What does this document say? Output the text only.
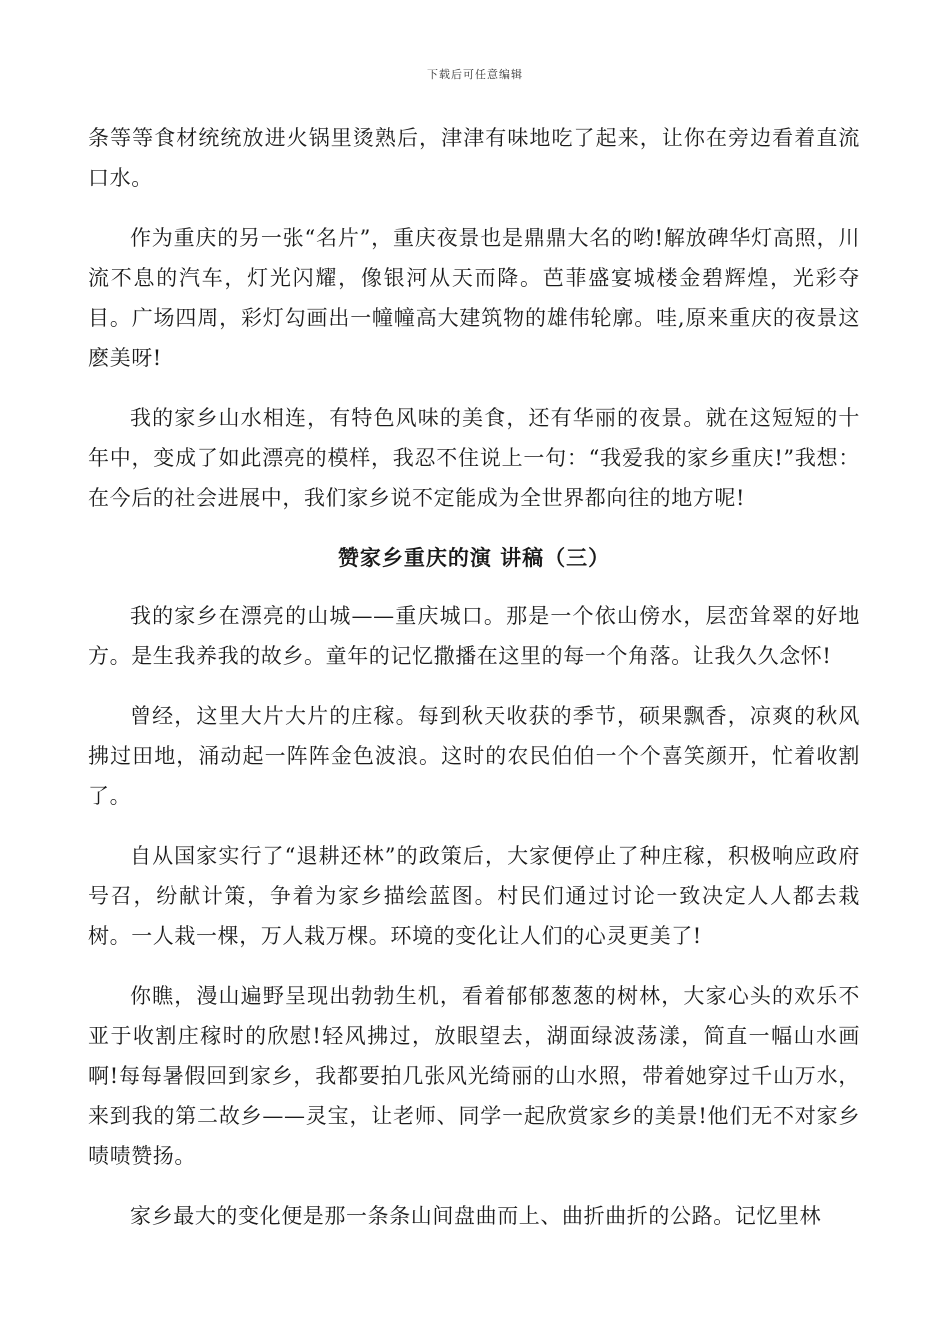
下载后可任意编辑

条等等食材统统放进火锅里烫熟后，津津有味地吃了起来，让你在旁边看着直流口水。

作为重庆的另一张“名片”，重庆夜景也是鼎鼎大名的哟!解放碑华灯高照，川流不息的汽车，灯光闪耀，像银河从天而降。芭菲盛宴城楼金碧辉煌，光彩夺目。广场四周，彩灯勾画出一幢幢高大建筑物的雄伟轮廓。哇,原来重庆的夜景这麽美呀!

我的家乡山水相连，有特色风味的美食，还有华丽的夜景。就在这短短的十年中，变成了如此漂亮的模样，我忍不住说上一句：“我爱我的家乡重庆!”我想：在今后的社会进展中，我们家乡说不定能成为全世界都向往的地方呢!

赞家乡重庆的演 讲稿（三）

我的家乡在漂亮的山城——重庆城口。那是一个依山傍水，层峦耸翠的好地方。是生我养我的故乡。童年的记忆撒播在这里的每一个角落。让我久久念怀!

曾经，这里大片大片的庄稼。每到秋天收获的季节，硕果飘香，凉爽的秋风拂过田地，涌动起一阵阵金色波浪。这时的农民伯伯一个个喜笑颜开，忙着收割了。

自从国家实行了“退耕还林”的政策后，大家便停止了种庄稼，积极响应政府号召，纷献计策，争着为家乡描绘蓝图。村民们通过讨论一致决定人人都去栽树。一人栽一棵，万人栽万棵。环境的变化让人们的心灵更美了!

你瞧，漫山遍野呈现出勃勃生机，看着郁郁葱葱的树林，大家心头的欢乐不亚于收割庄稼时的欣慰!轻风拂过，放眼望去，湖面绿波荡漾，简直一幅山水画啊!每每暑假回到家乡，我都要拍几张风光绮丽的山水照，带着她穿过千山万水，来到我的第二故乡——灵宝，让老师、同学一起欣赏家乡的美景!他们无不对家乡啧啧赞扬。

家乡最大的变化便是那一条条山间盘曲而上、曲折曲折的公路。记忆里林
